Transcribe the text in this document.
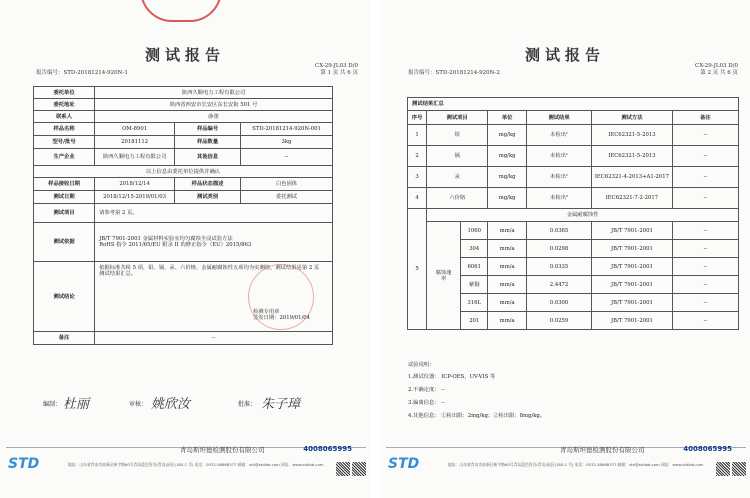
测试报告
CX-29-JL03 D/0
第 1 页 共 6 页
报告编号：STD-20181214-920N-1
委托单位	陕西久顺电力工程有限公司		
委托地址	陕西省西安市长安区东长安街 501 号		
联系人	薛蕾		
样品名称	OM-8901	样品编号	STD-20181214-920N-001
型号/批号	20181112	样品数量	3kg
生产企业	陕西久顺电力工程有限公司	其他信息	--
以上信息由委托单位提供并确认			
样品接收日期	2018/12/14	样品状态描述	白色固体
测试日期	2018/12/15-2019/01/03	测试类别	委托测试
测试项目	请参考第 2 页。		
测试依据	JB/T 7901-2001 金属材料实验室均匀腐蚀全浸试验方法
RoHS 指令 2011/65/EU 附录 II 的修正指令（EU）2015/863		

测试结论	依据标准共检 5 项，铅、镉、汞、六价铬、金属耐腐蚀性五项均为实测值，测试结果见第 2 页测试结果汇总。
检测专用章
签发日期：2019/01/04		

备注	--		
编制： 杜丽	审核： 姚欣汝	批准： 朱子璋
青岛斯坦德检测股份有限公司	4008065995
STD	地址：山东省青岛市高新区新宇路60号青岛蓝色智谷(青岛)园区(180-1 号) 电话：0532-58668377 邮箱：std@stdlab.com 网址：www.stdlab.com
测试报告
CX-29-JL03 D/0
第 2 页 共 6 页
报告编号：STD-20181214-920N-2
测试结果汇总						
序号	测试项目		单位	测试结果	测试方法	备注
1	铅		mg/kg	未检出¹	IEC62321-5-2013	--
2	镉		mg/kg	未检出¹	IEC62321-5-2013	--
3	汞		mg/kg	未检出¹	IEC62321-4-2013+A1-2017	--
4	六价铬		mg/kg	未检出²	IEC62321-7-2-2017	--
5	金属耐腐蚀性					
	腐蚀速率	1060	mm/a	0.0365	JB/T 7901-2001	--
		304	mm/a	0.0298	JB/T 7901-2001	--
		6061	mm/a	0.0335	JB/T 7901-2001	--
		紫铜	mm/a	2.4472	JB/T 7901-2001	--
		316L	mm/a	0.0300	JB/T 7901-2001	--
		201	mm/a	0.0259	JB/T 7901-2001	--
试验说明：
1.测试仪器： ICP-OES，UV-VIS 等
2.不确定度： --
3.偏离信息： --
4.其他信息： ①检出限：2mg/kg；②检出限：8mg/kg。
青岛斯坦德检测股份有限公司	4008065995
STD	地址：山东省青岛市高新区新宇路60号青岛蓝色智谷(青岛)园区(180-1 号) 电话：0532-58668377 邮箱：std@stdlab.com 网址：www.stdlab.com
